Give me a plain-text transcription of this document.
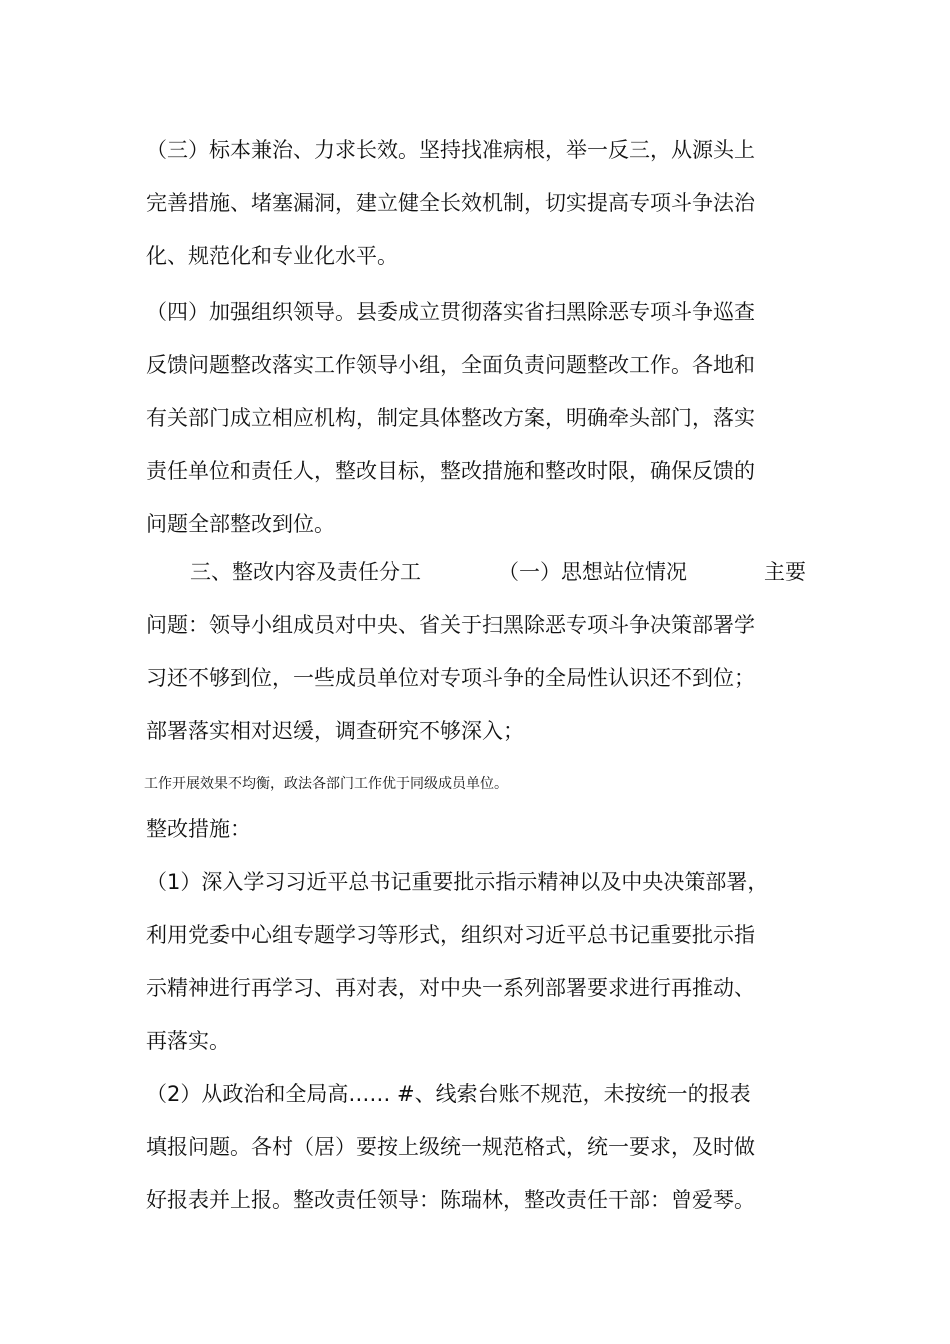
（三）标本兼治、力求长效。坚持找准病根，举一反三，从源头上
完善措施、堵塞漏洞，建立健全长效机制，切实提高专项斗争法治
化、规范化和专业化水平。
（四）加强组织领导。县委成立贯彻落实省扫黑除恶专项斗争巡查
反馈问题整改落实工作领导小组，全面负责问题整改工作。各地和
有关部门成立相应机构，制定具体整改方案，明确牵头部门，落实
责任单位和责任人，整改目标，整改措施和整改时限，确保反馈的
问题全部整改到位。
三、整改内容及责任分工	（一）思想站位情况	主要
问题：领导小组成员对中央、省关于扫黑除恶专项斗争决策部署学
习还不够到位，一些成员单位对专项斗争的全局性认识还不到位；
部署落实相对迟缓，调查研究不够深入；
工作开展效果不均衡，政法各部门工作优于同级成员单位。
整改措施：
（1）深入学习习近平总书记重要批示指示精神以及中央决策部署，
利用党委中心组专题学习等形式，组织对习近平总书记重要批示指
示精神进行再学习、再对表，对中央一系列部署要求进行再推动、
再落实。
（2）从政治和全局高…… #、线索台账不规范，未按统一的报表
填报问题。各村（居）要按上级统一规范格式，统一要求，及时做
好报表并上报。整改责任领导：陈瑞林，整改责任干部：曾爱琴。
